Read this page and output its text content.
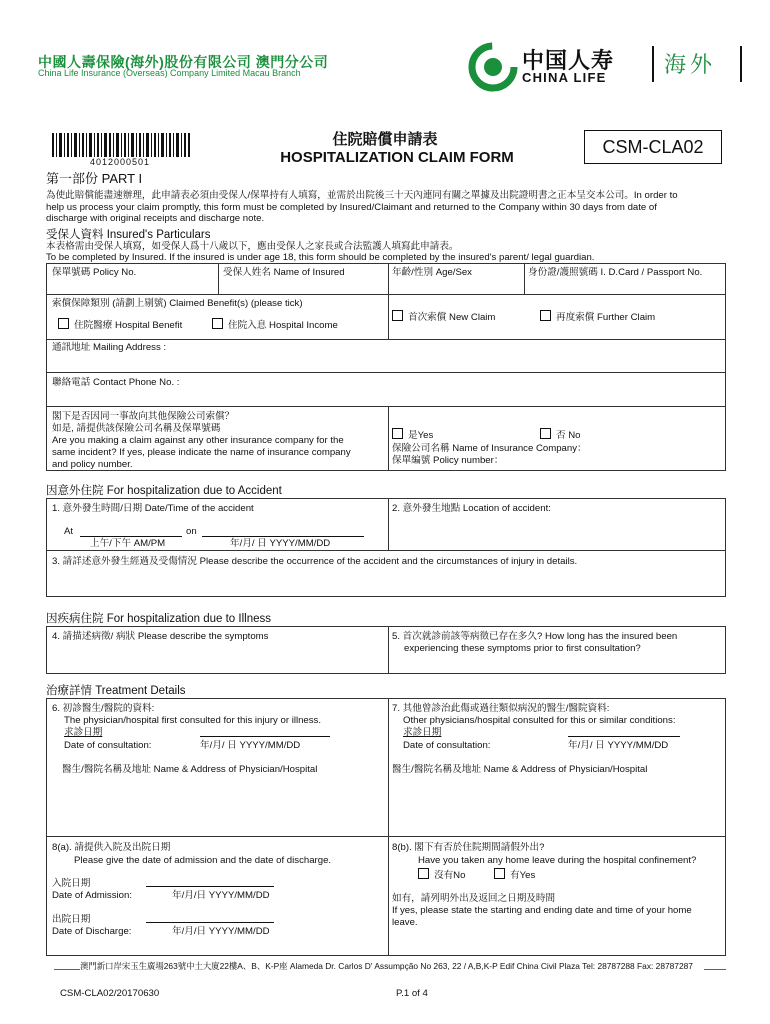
中國人壽保險(海外)股份有限公司 澳門分公司
China Life Insurance (Overseas) Company Limited Macau Branch	中国人寿
CHINA LIFE
海外
4012000501
住院賠償申請表
HOSPITALIZATION CLAIM FORM
CSM-CLA02
第一部份 PART I
為使此賠償能盡速辦理，此申請表必須由受保人/保單持有人填寫，並需於出院後三十天內連同有關之單據及出院證明書之正本呈交本公司。In order to
help us process your claim promptly, this form must be completed by Insured/Claimant and returned to the Company within 30 days from date of
discharge with original receipts and discharge note.
受保人資料 Insured's Particulars
本表格需由受保人填寫，如受保人爲十八歲以下，應由受保人之家長或合法監護人填寫此申請表。
To be completed by Insured. If the insured is under age 18, this form should be completed by the insured's parent/ legal guardian.
保單號碼 Policy No.	受保人姓名 Name of Insured	年齡/性別 Age/Sex	身份證/護照號碼 I. D.Card / Passport No.
索償保障類別 (請劃上剔號) Claimed Benefit(s) (please tick)
住院醫療 Hospital Benefit	住院入息 Hospital Income
首次索償 New Claim	再度索償 Further Claim
通訊地址 Mailing Address :
聯絡電話 Contact Phone No. :
閣下是否因同一事故向其他保險公司索償？
如是, 請提供該保險公司名稱及保單號碼
Are you making a claim against any other insurance company for the
same incident? If yes, please indicate the name of insurance company
and policy number.
是Yes	否 No
保險公司名稱 Name of Insurance Company：
保單編號 Policy number：
因意外住院 For hospitalization due to Accident
1. 意外發生時間/日期 Date/Time of the accident
At	on
上午/下午 AM/PM	年/月/ 日 YYYY/MM/DD
2. 意外發生地點 Location of accident:
3. 請詳述意外發生經過及受傷情況 Please describe the occurrence of the accident and the circumstances of injury in details.
因疾病住院 For hospitalization due to Illness
4. 請描述病徵/ 病狀 Please describe the symptoms	5. 首次就診前該等病徵已存在多久? How long has the insured been
experiencing these symptoms prior to first consultation?
治療詳情 Treatment Details
6. 初診醫生/醫院的資料:
The physician/hospital first consulted for this injury or illness.
求診日期
Date of consultation:	年/月/ 日 YYYY/MM/DD
醫生/醫院名稱及地址 Name & Address of Physician/Hospital
7. 其他曾診治此傷或過往類似病況的醫生/醫院資料:
Other physicians/hospital consulted for this or similar conditions:
求診日期
Date of consultation:	年/月/ 日 YYYY/MM/DD
醫生/醫院名稱及地址 Name & Address of Physician/Hospital
8(a). 請提供入院及出院日期
Please give the date of admission and the date of discharge.
入院日期
Date of Admission:	年/月/日 YYYY/MM/DD
出院日期
Date of Discharge:	年/月/日 YYYY/MM/DD
8(b). 閣下有否於住院期間請假外出?
Have you taken any home leave during the hospital confinement?
沒有No	有Yes
如有，請列明外出及返回之日期及時間
If yes, please state the starting and ending date and time of your home
leave.
澳門新口岸宋玉生廣場263號中土大廈22樓A、B、K-P座 Alameda Dr. Carlos D' Assumpção No 263, 22 / A,B,K-P Edif China Civil Plaza Tel: 28787288 Fax: 28787287
CSM-CLA02/20170630	P.1 of 4
